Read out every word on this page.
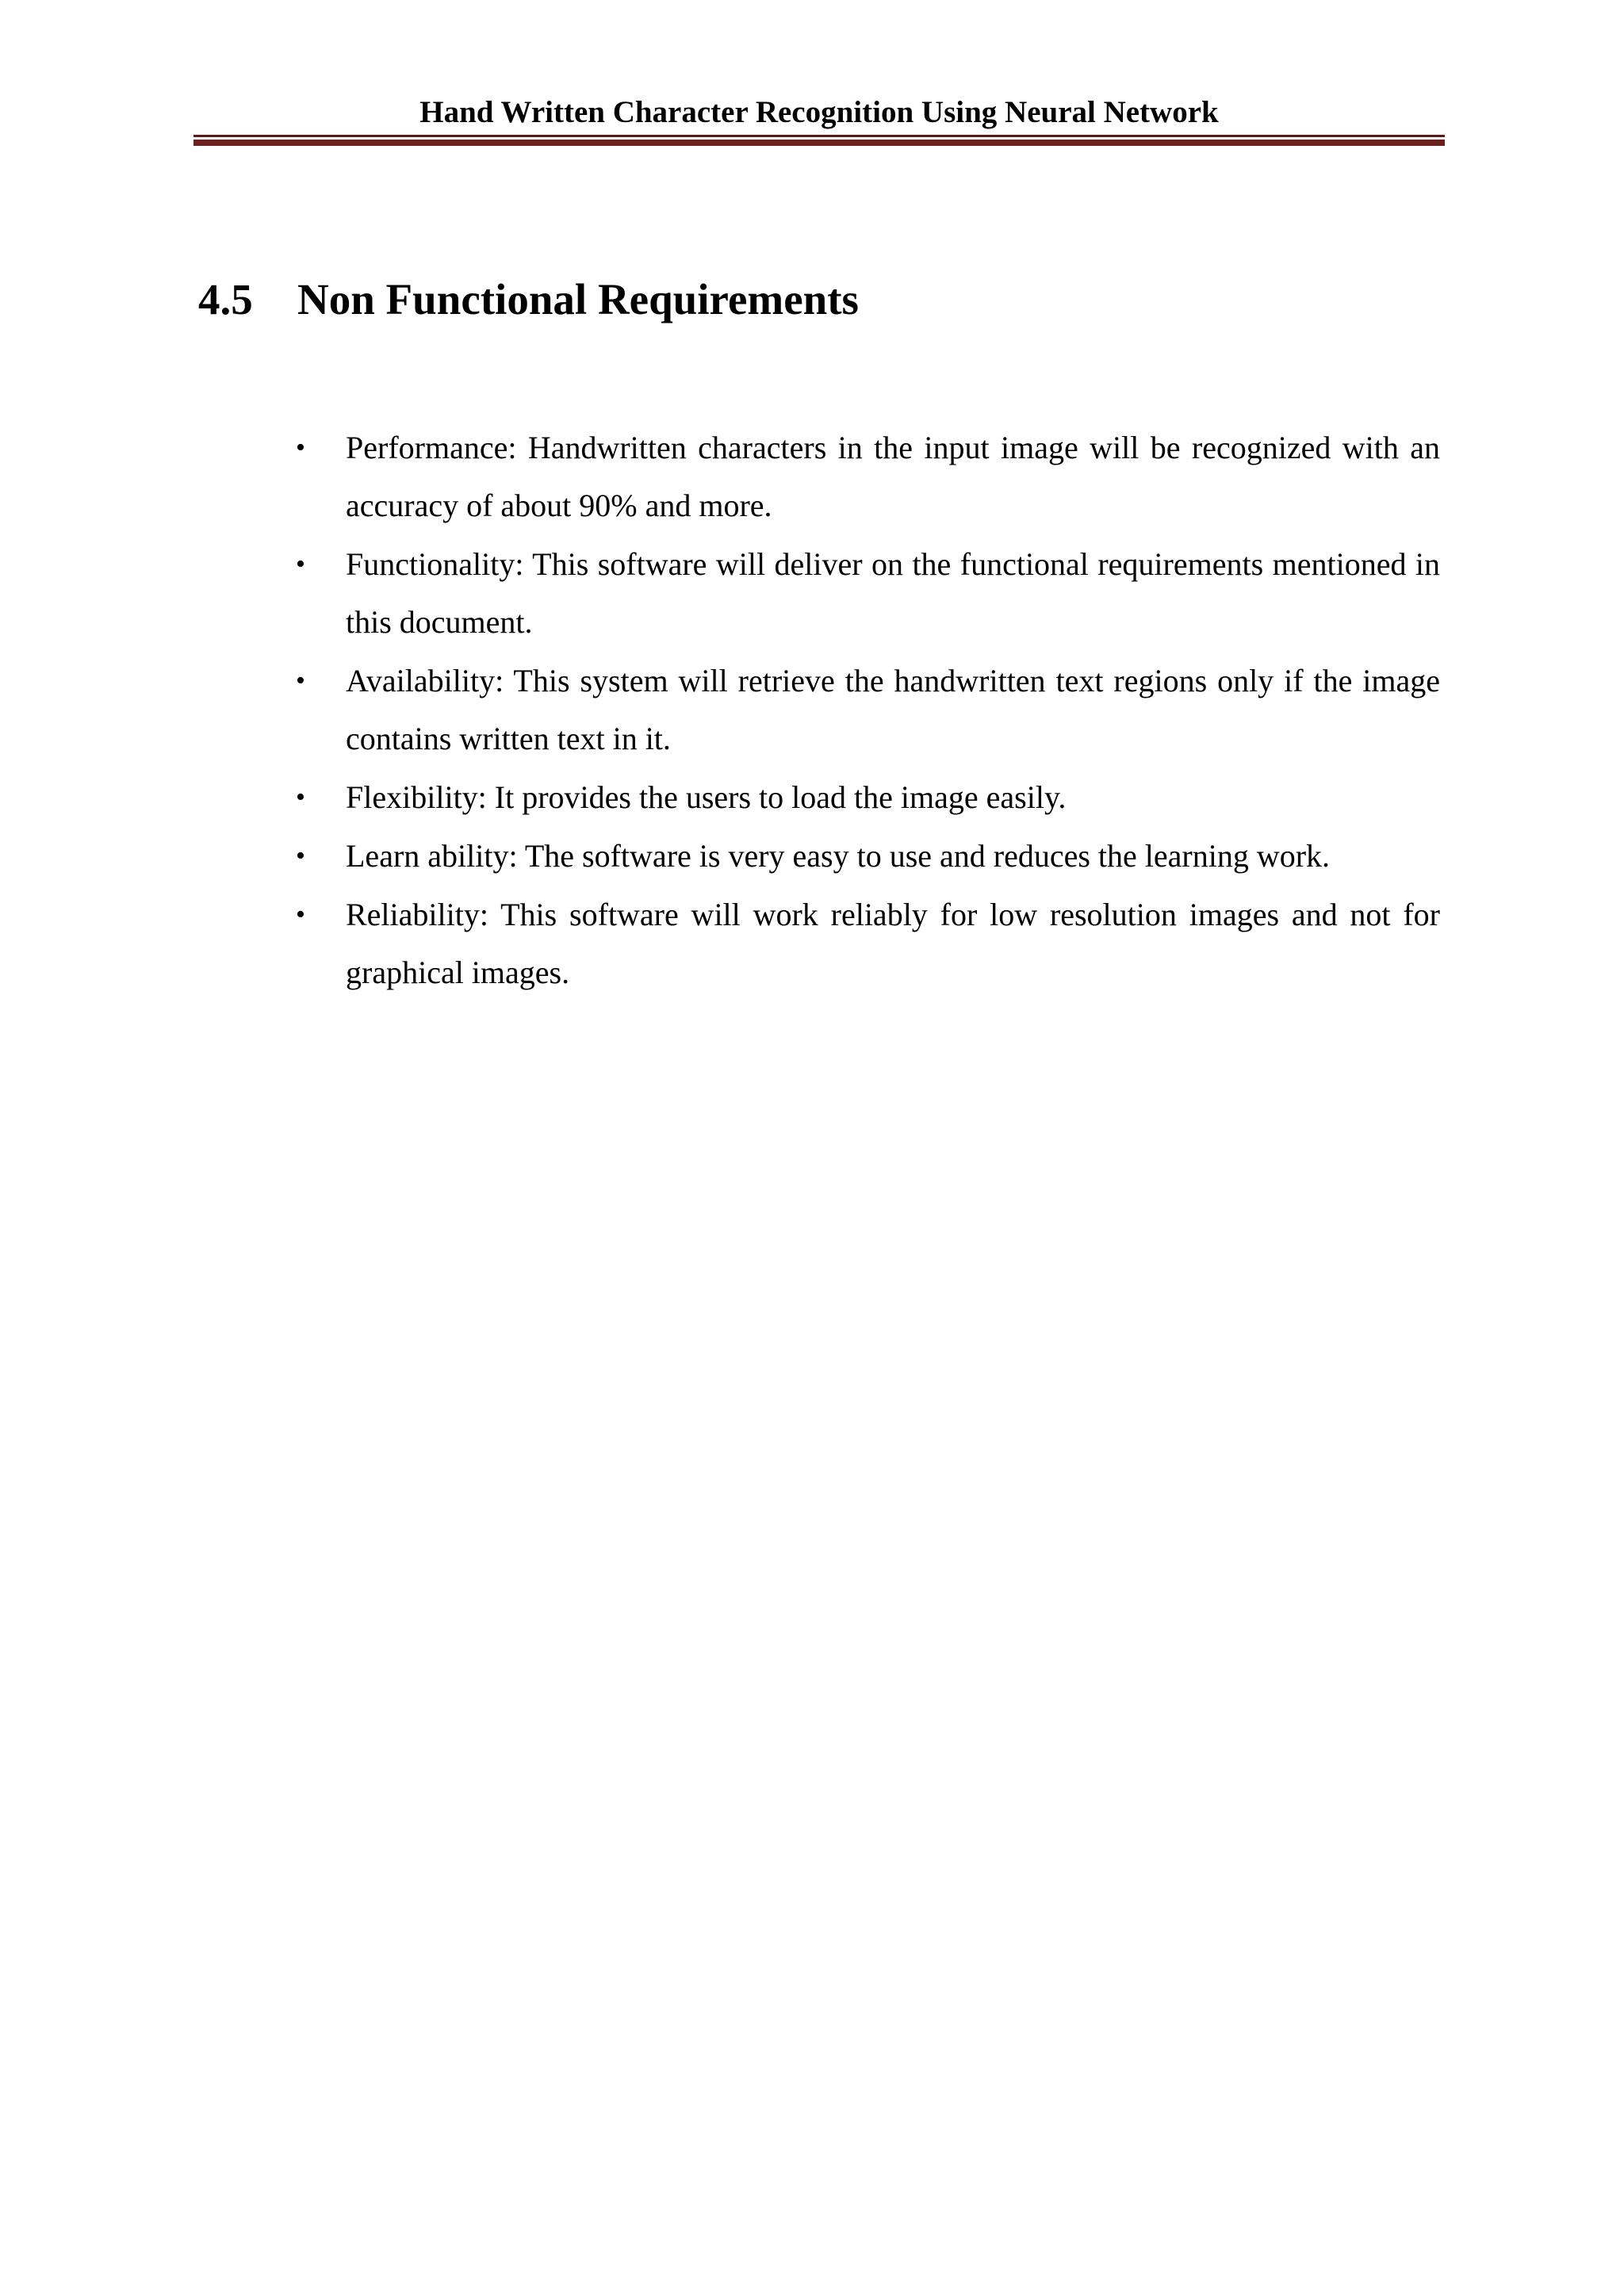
Hand Written Character Recognition Using Neural Network
4.5 Non Functional Requirements
• Performance: Handwritten characters in the input image will be recognized with an accuracy of about 90% and more.
• Functionality: This software will deliver on the functional requirements mentioned in this document.
• Availability: This system will retrieve the handwritten text regions only if the image contains written text in it.
• Flexibility: It provides the users to load the image easily.
• Learn ability: The software is very easy to use and reduces the learning work.
• Reliability: This software will work reliably for low resolution images and not for graphical images.
